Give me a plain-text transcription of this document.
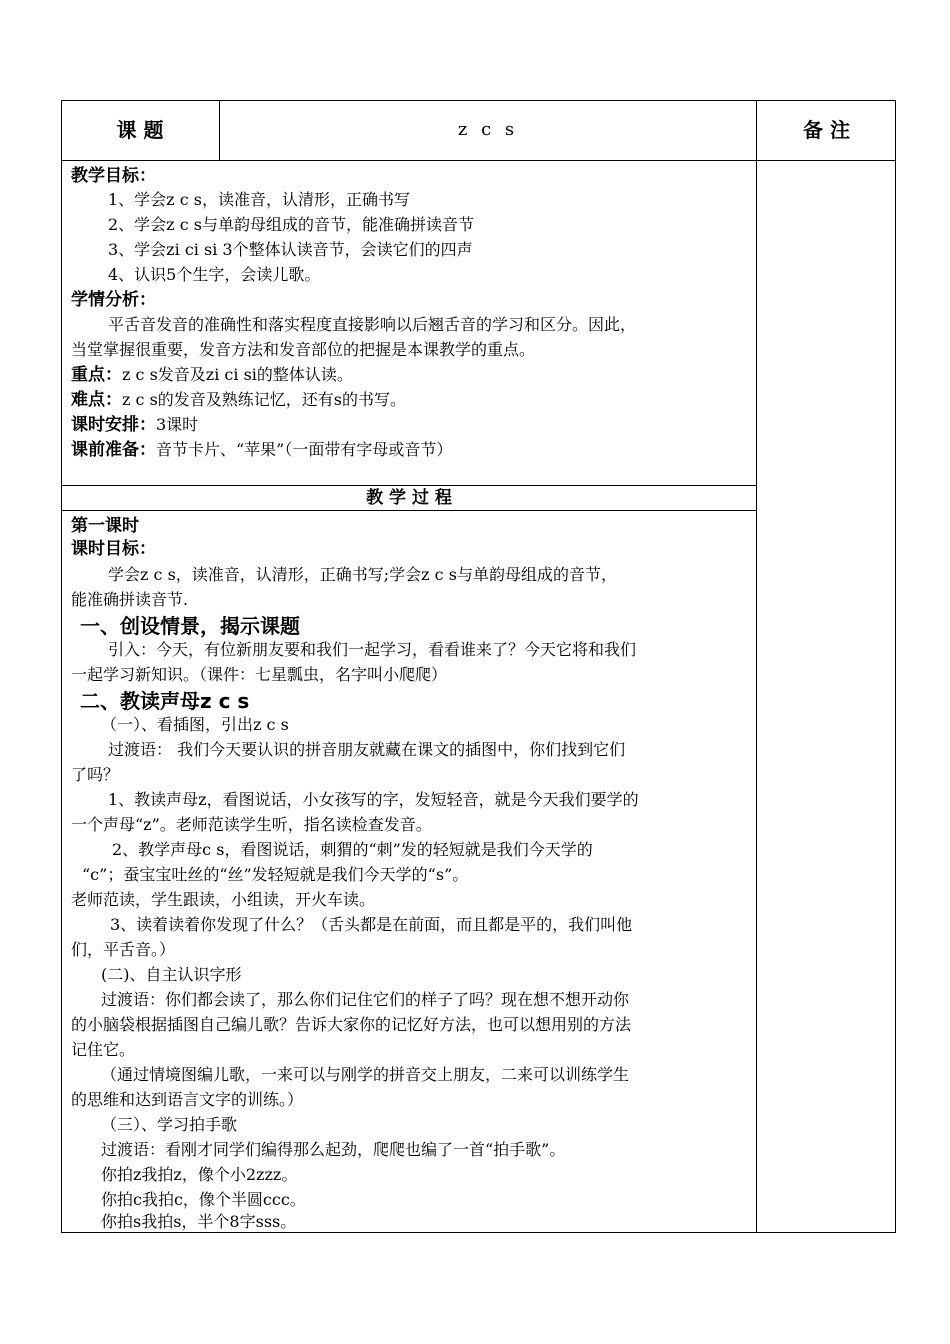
课 题	z c s	备 注
教学目标：
1、学会z c s，读准音，认清形，正确书写
2、学会z c s与单韵母组成的音节，能准确拼读音节
3、学会zi ci si 3个整体认读音节，会读它们的四声
4、认识5个生字，会读儿歌。
学情分析：
平舌音发音的准确性和落实程度直接影响以后翘舌音的学习和区分。因此，
当堂掌握很重要，发音方法和发音部位的把握是本课教学的重点。
重点：z c s发音及zi ci si的整体认读。
难点：z c s的发音及熟练记忆，还有s的书写。
课时安排：3课时
课前准备：音节卡片、“苹果”（一面带有字母或音节）
教 学 过 程
第一课时
课时目标：
学会z c s，读准音，认清形，正确书写;学会z c s与单韵母组成的音节，
能准确拼读音节.
一、创设情景，揭示课题
引入：今天，有位新朋友要和我们一起学习，看看谁来了？今天它将和我们
一起学习新知识。（课件：七星瓢虫，名字叫小爬爬）
二、教读声母z c s
（一）、看插图，引出z c s
过渡语： 我们今天要认识的拼音朋友就藏在课文的插图中，你们找到它们
了吗？
1、教读声母z，看图说话，小女孩写的字，发短轻音，就是今天我们要学的
一个声母“z”。老师范读学生听，指名读检查发音。
2、教学声母c s，看图说话，刺猬的“刺”发的轻短就是我们今天学的
“c”；蚕宝宝吐丝的“丝”发轻短就是我们今天学的“s”。
老师范读，学生跟读，小组读，开火车读。
3、读着读着你发现了什么？（舌头都是在前面，而且都是平的，我们叫他
们，平舌音。）
(二)、自主认识字形
过渡语：你们都会读了，那么你们记住它们的样子了吗？现在想不想开动你
的小脑袋根据插图自己编儿歌？告诉大家你的记忆好方法，也可以想用别的方法
记住它。
（通过情境图编儿歌，一来可以与刚学的拼音交上朋友，二来可以训练学生
的思维和达到语言文字的训练。）
（三）、学习拍手歌
过渡语：看刚才同学们编得那么起劲，爬爬也编了一首“拍手歌”。
你拍z我拍z，像个小2zzz。
你拍c我拍c，像个半圆ccc。
你拍s我拍s，半个8字sss。
